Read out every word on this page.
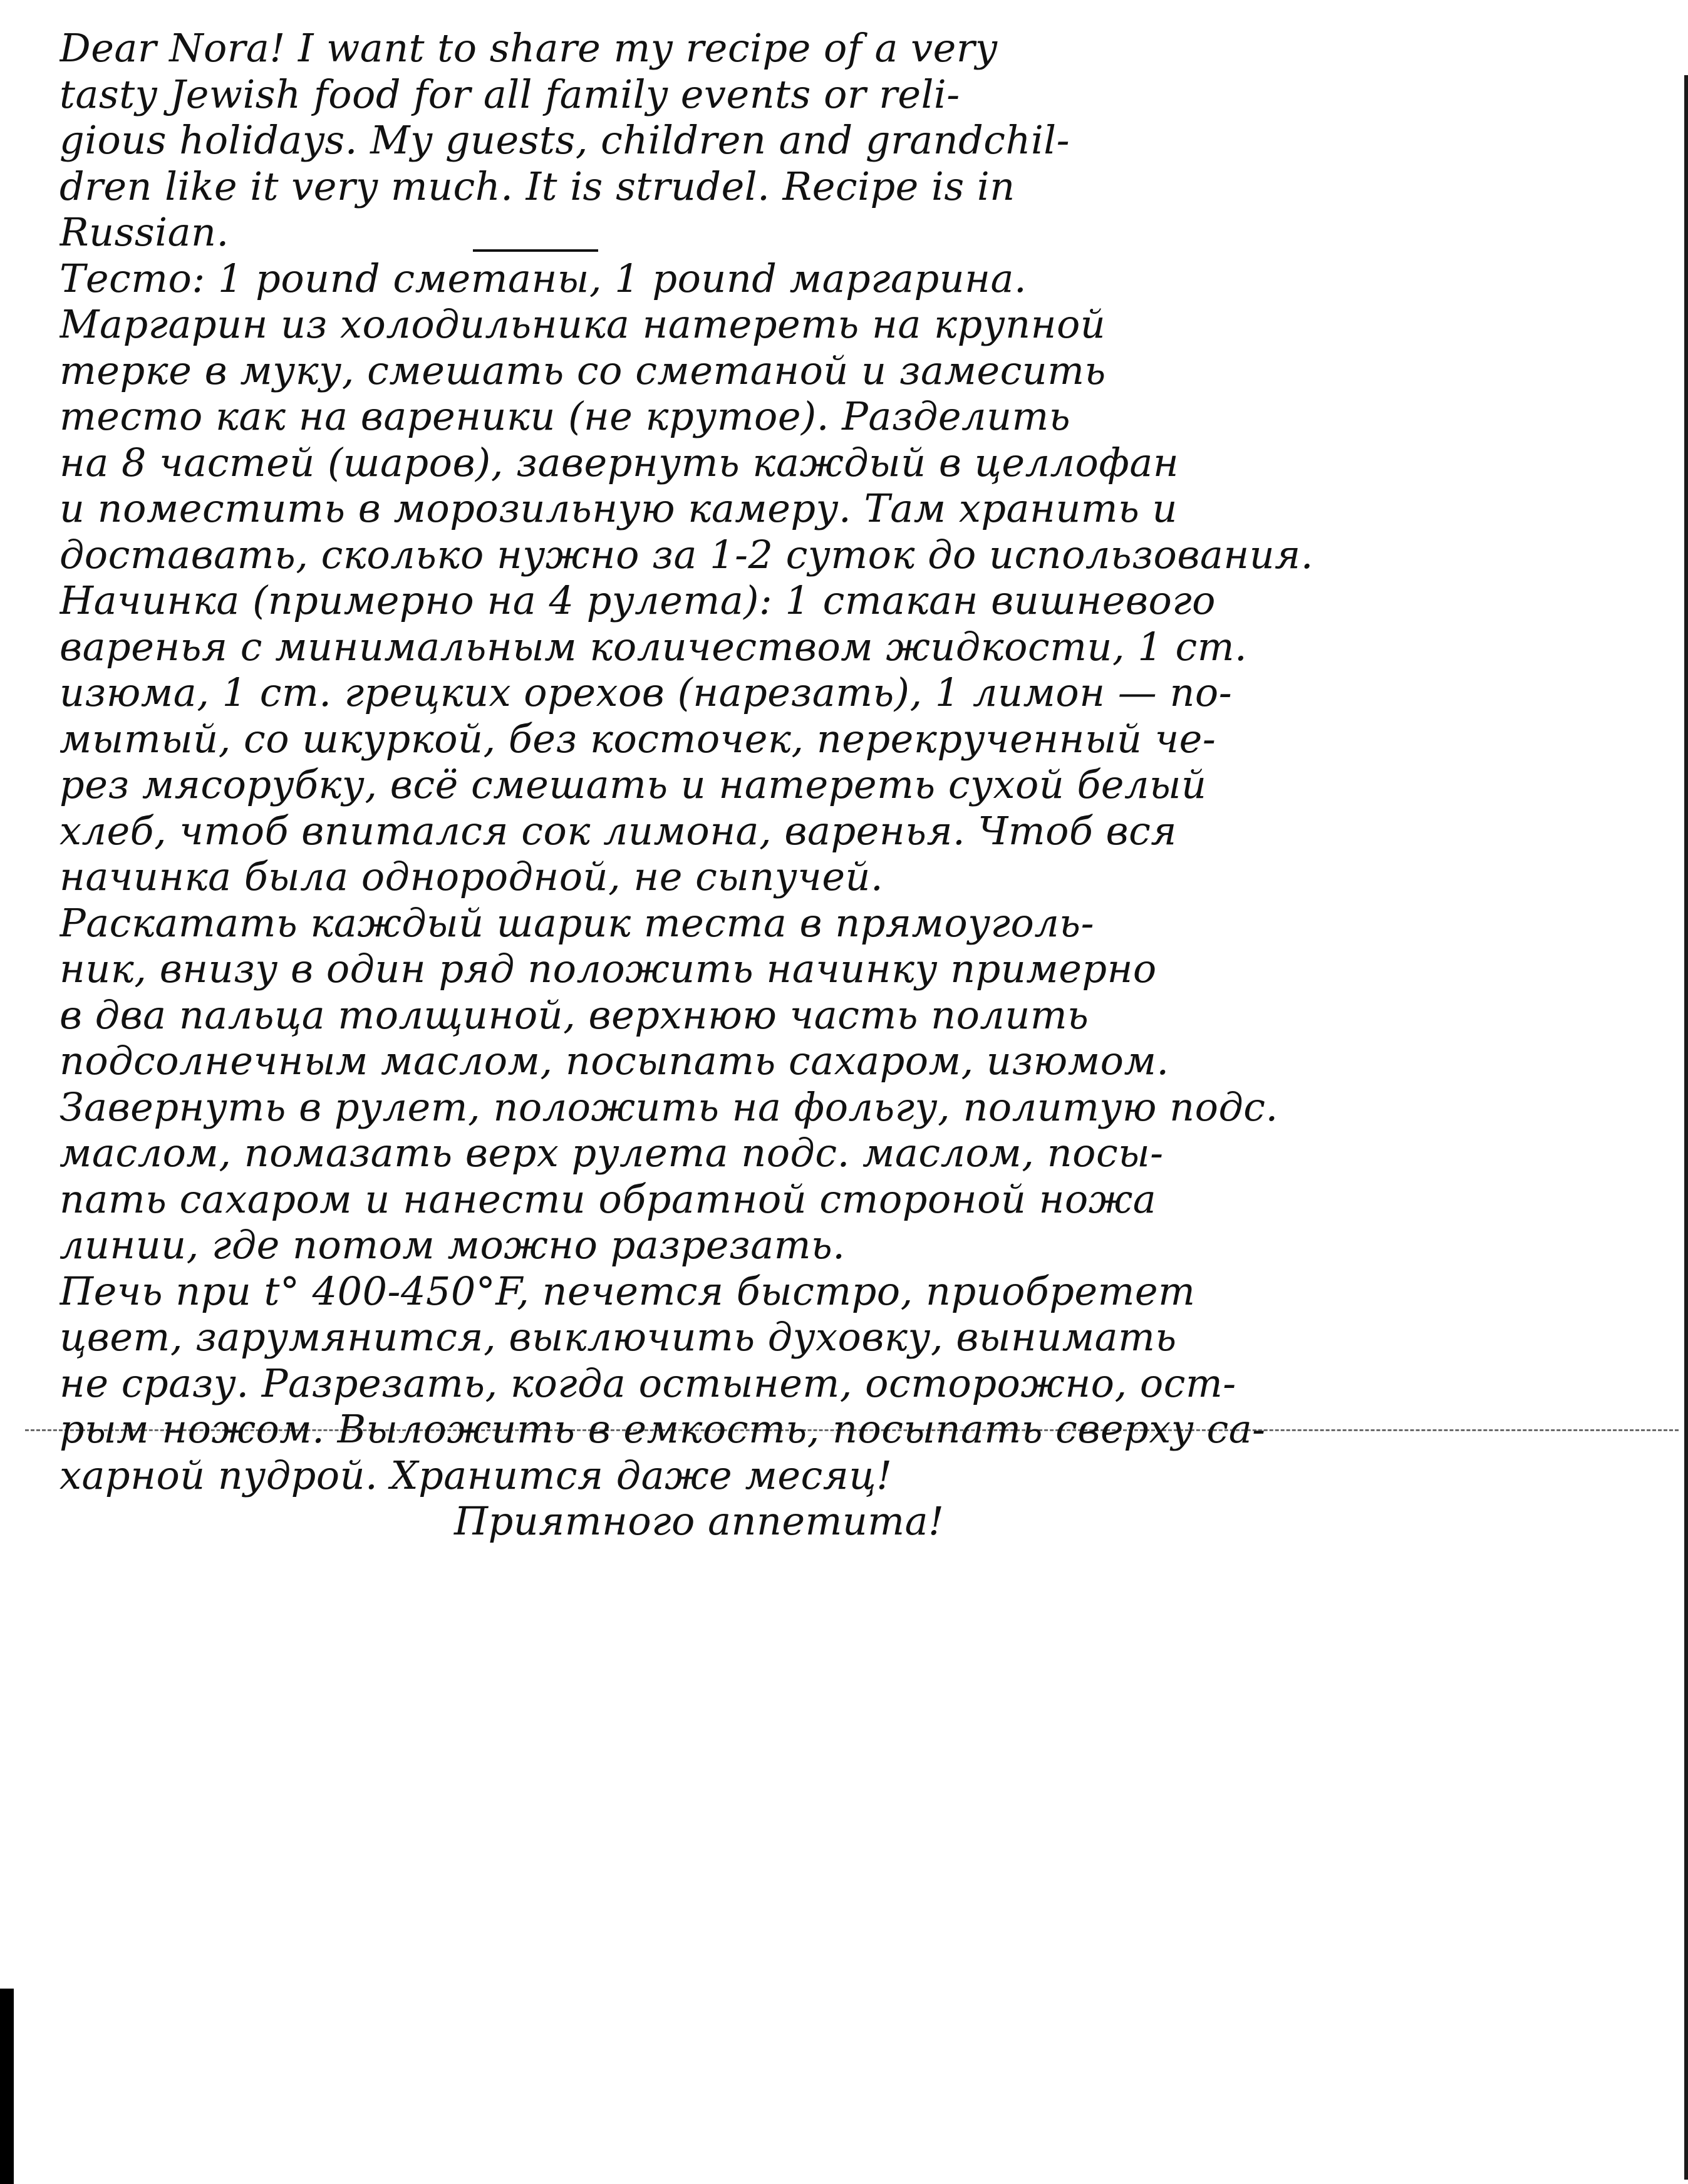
Dear Nora! I want to share my recipe of a very
tasty Jewish food for all family events or reli-
gious holidays. My guests, children and grandchil-
dren like it very much. It is strudel. Recipe is in
Russian.
Тесто: 1 pound сметаны, 1 pound маргарина.
Маргарин из холодильника натереть на крупной
терке в муку, смешать со сметаной и замесить
тесто как на вареники (не крутое). Разделить
на 8 частей (шаров), завернуть каждый в целлофан
и поместить в морозильную камеру. Там хранить и
доставать, сколько нужно за 1-2 суток до использования.
Начинка (примерно на 4 рулета): 1 стакан вишневого
варенья с минимальным количеством жидкости, 1 ст.
изюма, 1 ст. грецких орехов (нарезать), 1 лимон — по-
мытый, со шкуркой, без косточек, перекрученный че-
рез мясорубку, всё смешать и натереть сухой белый
хлеб, чтоб впитался сок лимона, варенья. Чтоб вся
начинка была однородной, не сыпучей.
Раскатать каждый шарик теста в прямоуголь-
ник, внизу в один ряд положить начинку примерно
в два пальца толщиной, верхнюю часть полить
подсолнечным маслом, посыпать сахаром, изюмом.
Завернуть в рулет, положить на фольгу, политую подс.
маслом, помазать верх рулета подс. маслом, посы-
пать сахаром и нанести обратной стороной ножа
линии, где потом можно разрезать.
Печь при t° 400-450°F, печется быстро, приобретет
цвет, зарумянится, выключить духовку, вынимать
не сразу. Разрезать, когда остынет, осторожно, ост-
рым ножом. Выложить в емкость, посыпать сверху са-
харной пудрой. Хранится даже месяц!
Приятного аппетита!
